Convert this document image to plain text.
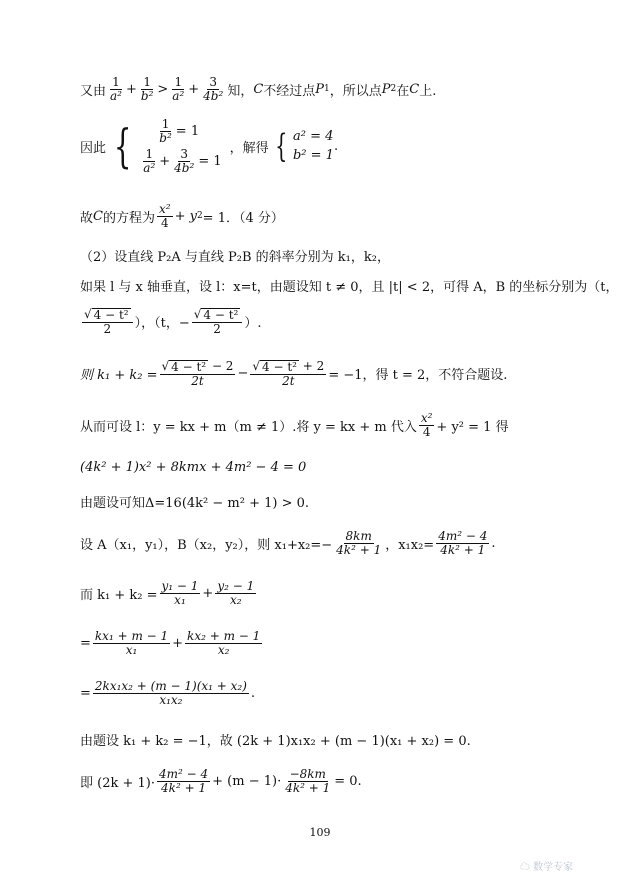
又由 $\frac{1}{\text{a²}} + \frac{1}{\text{b²}} > \frac{1}{\text{a²}} + \frac{3}{\text{4b²}}$ 知， C 不经过点 P 1 ，所以点 P 2 在 C 上.
因此 { $\frac{1}{\text{b²}} = 1$
$\frac{1}{\text{a²}} + \frac{3}{\text{4b²}} = 1$
，解得 { a² = 4
b² = 1
.
故 C 的方程为 $\frac{\text{x²}}{4} + y$ 2 = 1．（4 分）
（2）设直线 P₂A 与直线 P₂B 的斜率分别为 k₁，k₂，
如果 l 与 x 轴垂直，设 l：x=t，由题设知 t ≠ 0，且 |t| < 2，可得 A，B 的坐标分别为（t，
$\frac{\text{√ 4 − t²}}{2}$ ），（t，− $\frac{\text{√ 4 − t²}}{2}$ ）.
则 $k_1 + k_2 = \frac{\text{√ 4 − t² − 2}}{2t} - \frac{\text{√ 4 − t² + 2}}{2t} = -1$，得 t = 2，不符合题设.
从而可设 l：y = kx + m（m ≠ 1）.将 y = kx + m 代入 $\frac{\text{x²}}{4} + y^2 = 1$ 得
(4k² + 1)x² + 8kmx + 4m² − 4 = 0
由题设可知Δ=16(4k² − m² + 1) > 0.
设 A（x₁，y₁），B（x₂，y₂），则 $x_1+x_2=- \frac{8km}{\text{4k² + 1}}$ ，$x_1x_2= \frac{\text{4m² − 4}}{\text{4k² + 1}}$ .
而 $k_1 + k_2 = \frac{\text{y₁ − 1}}{\text{x₁}} + \frac{\text{y₂ − 1}}{\text{x₂}}$
= $\frac{\text{kx₁ + m − 1}}{\text{x₁}} + \frac{\text{kx₂ + m − 1}}{\text{x₂}}$
= $\frac{\text{2kx₁x₂ + (m − 1)(x₁ + x₂)}}{\text{x₁x₂}}$ .
由题设 k₁ + k₂ = −1，故 (2k + 1)x₁x₂ + (m − 1)(x₁ + x₂) = 0.
即 $(2k + 1)\cdot \frac{\text{4m² − 4}}{\text{4k² + 1}} + (m - 1)\cdot \frac{-8km}{\text{4k² + 1}} = 0$.
109
☁ 数学专家
